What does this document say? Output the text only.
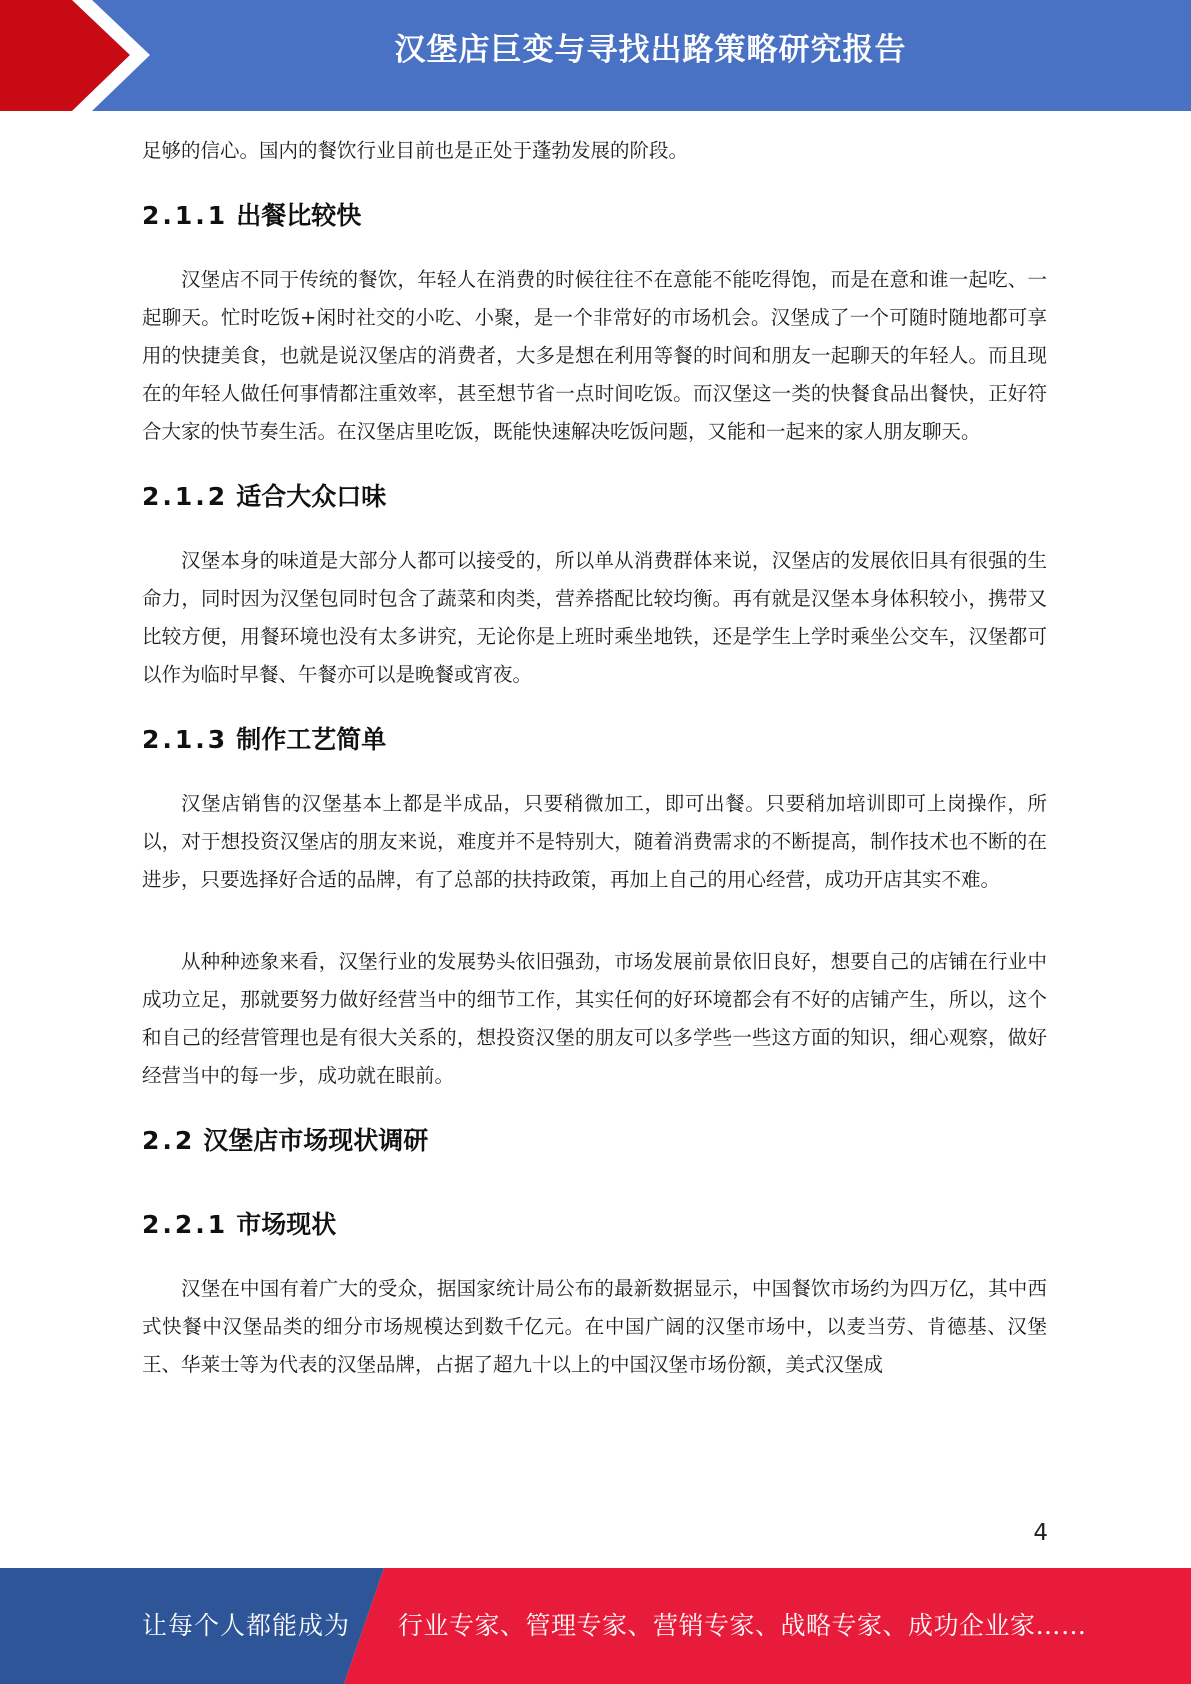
汉堡店巨变与寻找出路策略研究报告

足够的信心。国内的餐饮行业目前也是正处于蓬勃发展的阶段。

2.1.1 出餐比较快

汉堡店不同于传统的餐饮，年轻人在消费的时候往往不在意能不能吃得饱，而是在意和谁一起吃、一起聊天。忙时吃饭+闲时社交的小吃、小聚，是一个非常好的市场机会。汉堡成了一个可随时随地都可享用的快捷美食，也就是说汉堡店的消费者，大多是想在利用等餐的时间和朋友一起聊天的年轻人。而且现在的年轻人做任何事情都注重效率，甚至想节省一点时间吃饭。而汉堡这一类的快餐食品出餐快，正好符合大家的快节奏生活。在汉堡店里吃饭，既能快速解决吃饭问题，又能和一起来的家人朋友聊天。

2.1.2 适合大众口味

汉堡本身的味道是大部分人都可以接受的，所以单从消费群体来说，汉堡店的发展依旧具有很强的生命力，同时因为汉堡包同时包含了蔬菜和肉类，营养搭配比较均衡。再有就是汉堡本身体积较小，携带又比较方便，用餐环境也没有太多讲究，无论你是上班时乘坐地铁，还是学生上学时乘坐公交车，汉堡都可以作为临时早餐、午餐亦可以是晚餐或宵夜。

2.1.3 制作工艺简单

汉堡店销售的汉堡基本上都是半成品，只要稍微加工，即可出餐。只要稍加培训即可上岗操作，所以，对于想投资汉堡店的朋友来说，难度并不是特别大，随着消费需求的不断提高，制作技术也不断的在进步，只要选择好合适的品牌，有了总部的扶持政策，再加上自己的用心经营，成功开店其实不难。

从种种迹象来看，汉堡行业的发展势头依旧强劲，市场发展前景依旧良好，想要自己的店铺在行业中成功立足，那就要努力做好经营当中的细节工作，其实任何的好环境都会有不好的店铺产生，所以，这个和自己的经营管理也是有很大关系的，想投资汉堡的朋友可以多学些一些这方面的知识，细心观察，做好经营当中的每一步，成功就在眼前。

2.2 汉堡店市场现状调研
2.2.1 市场现状

汉堡在中国有着广大的受众，据国家统计局公布的最新数据显示，中国餐饮市场约为四万亿，其中西式快餐中汉堡品类的细分市场规模达到数千亿元。在中国广阔的汉堡市场中，以麦当劳、肯德基、汉堡王、华莱士等为代表的汉堡品牌，占据了超九十以上的中国汉堡市场份额，美式汉堡成

4
让每个人都能成为 行业专家、管理专家、营销专家、战略专家、成功企业家……
